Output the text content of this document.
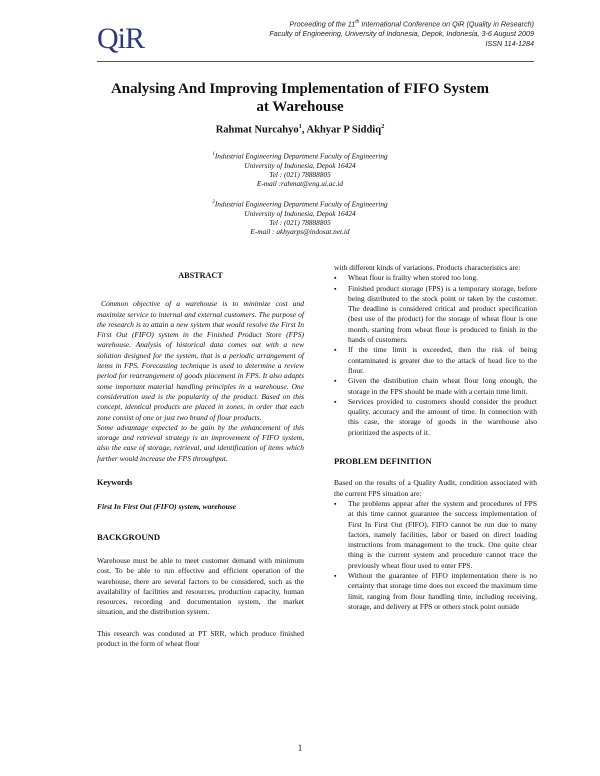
QiR	Proceeding of the 11th International Conference on QiR (Quality in Research)

Faculty of Engineering, University of Indonesia, Depok, Indonesia, 3-6 August 2009

ISSN 114-1284

Analysing And Improving Implementation of FIFO System

at Warehouse

Rahmat Nurcahyo$^1$, Akhyar P Siddiq$^2$

$^1$Industrial Engineering Department Faculty of Engineering

University of Indonesia, Depok 16424

Tel : (021) 78888805

E-mail :rahmat@eng.ui.ac.id

$^2$Industrial Engineering Department Faculty of Engineering

University of Indonesia, Depok 16424

Tel : (021) 78888805

E-mail : akhyarps@indosat.net.id

ABSTRACT

Common objective of a warehouse is to minimize cost and maximize service to internal and external customers. The purpose of the research is to attain a new system that would resolve the First In First Out (FIFO) system in the Finished Product Store (FPS) warehouse. Analysis of historical data comes out with a new solution designed for the system, that is a periodic arrangement of items in FPS. Forecasting technique is used to determine a review period for rearrangement of goods placement in FPS. It also adapts some important material handling principles in a warehouse. One consideration used is the popularity of the product. Based on this concept, identical products are placed in zones, in order that each zone consist of one or just two brand of flour products.

Some advantage expected to be gain by the enhancement of this storage and retrieval strategy is an improvement of FIFO system, also the ease of storage, retrieval, and identification of items which further would increase the FPS throughput.

Keywords

First In First Out (FIFO) system, warehouse

BACKGROUND

Warehouse must be able to meet customer demand with minimum cost. To be able to run effective and efficient operation of the warehouse, there are several factors to be considered, such as the availability of facilities and resources, production capacity, human resources, recording and documentation system, the market situation, and the distribution system.

This research was conduted at PT SRR, which produce finished product in the form of wheat flour

with different kinds of variations. Products characteristics are:

▪ Wheat flour is frailty when stored too long.
▪ Finished product storage (FPS) is a temporary storage, before being distributed to the stock point or taken by the customer. The deadline is considered critical and product specification (best use of the product) for the storage of wheat flour is one month, starting from wheat flour is produced to finish in the hands of customers.
▪ If the time limit is exceeded, then the risk of being contaminated is greater due to the attack of head lice to the flour.
▪ Given the distribution chain wheat flour long enough, the storage in the FPS should be made with a certain time limit.
▪ Services provided to customers should consider the product quality, accuracy and the amount of time. In connection with this case, the storage of goods in the warehouse also prioritized the aspects of it.

PROBLEM DEFINITION

Based on the results of a Quality Audit, condition associated with the current FPS situation are:

▪ The problems appear after the system and procedures of FPS at this time cannot guarantee the success implementation of First In First Out (FIFO). FIFO cannot be run due to many factors, namely facilities, labor or based on direct loading instructions from management to the truck. One quite clear thing is the current system and procedure cannot trace the previously wheat flour used to enter FPS.
▪ Without the guarantee of FIFO implementation there is no certainty that storage time does not exceed the maximum time limit, ranging from flour handling time, including receiving, storage, and delivery at FPS or others stock point outside
1
